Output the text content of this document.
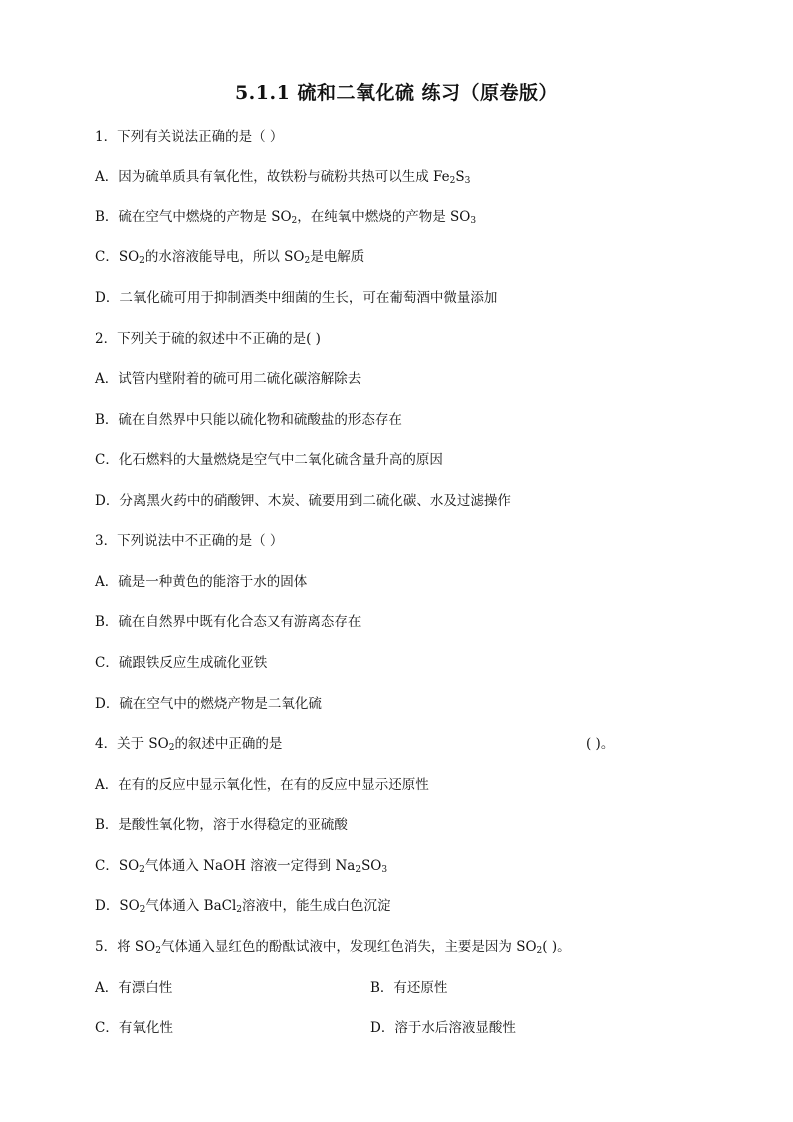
5.1.1 硫和二氧化硫 练习（原卷版）
1．下列有关说法正确的是（ ）
A．因为硫单质具有氧化性，故铁粉与硫粉共热可以生成 $Fe_2S_3$
B．硫在空气中燃烧的产物是 $SO_2$，在纯氧中燃烧的产物是 $SO_3$
C．$SO_2$的水溶液能导电，所以 $SO_2$是电解质
D．二氧化硫可用于抑制酒类中细菌的生长，可在葡萄酒中微量添加
2．下列关于硫的叙述中不正确的是( )
A．试管内壁附着的硫可用二硫化碳溶解除去
B．硫在自然界中只能以硫化物和硫酸盐的形态存在
C．化石燃料的大量燃烧是空气中二氧化硫含量升高的原因
D．分离黑火药中的硝酸钾、木炭、硫要用到二硫化碳、水及过滤操作
3．下列说法中不正确的是（ ）
A．硫是一种黄色的能溶于水的固体
B．硫在自然界中既有化合态又有游离态存在
C．硫跟铁反应生成硫化亚铁
D．硫在空气中的燃烧产物是二氧化硫
4．关于 $SO_2$的叙述中正确的是	( )。
A．在有的反应中显示氧化性，在有的反应中显示还原性
B．是酸性氧化物，溶于水得稳定的亚硫酸
C．$SO_2$气体通入 NaOH 溶液一定得到 $Na_2SO_3$
D．$SO_2$气体通入 BaCl$_2$溶液中，能生成白色沉淀
5．将 $SO_2$气体通入显红色的酚酞试液中，发现红色消失，主要是因为 $SO_2$( )。
A．有漂白性	B．有还原性
C．有氧化性	D．溶于水后溶液显酸性
